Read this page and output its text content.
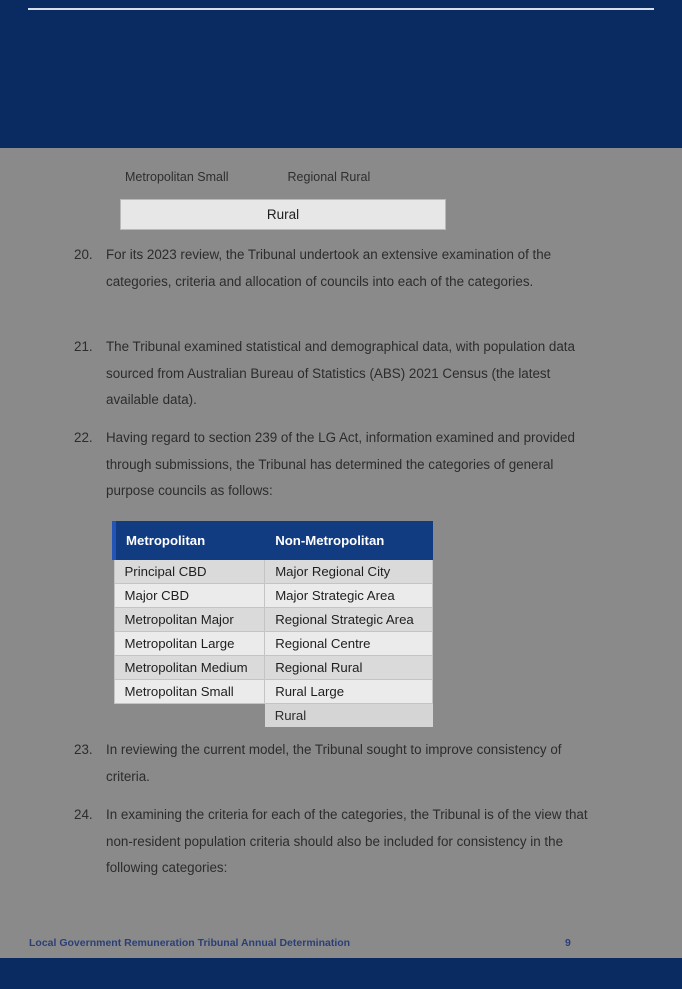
Metropolitan Small	Regional Rural
Rural
20. For its 2023 review, the Tribunal undertook an extensive examination of the categories, criteria and allocation of councils into each of the categories.
21. The Tribunal examined statistical and demographical data, with population data sourced from Australian Bureau of Statistics (ABS) 2021 Census (the latest available data).
22. Having regard to section 239 of the LG Act, information examined and provided through submissions, the Tribunal has determined the categories of general purpose councils as follows:
Metropolitan	Non-Metropolitan
Principal CBD	Major Regional City
Major CBD	Major Strategic Area
Metropolitan Major	Regional Strategic Area
Metropolitan Large	Regional Centre
Metropolitan Medium	Regional Rural
Metropolitan Small	Rural Large
	Rural
23. In reviewing the current model, the Tribunal sought to improve consistency of criteria.
24. In examining the criteria for each of the categories, the Tribunal is of the view that non-resident population criteria should also be included for consistency in the following categories:
Local Government Remuneration Tribunal Annual Determination	9
